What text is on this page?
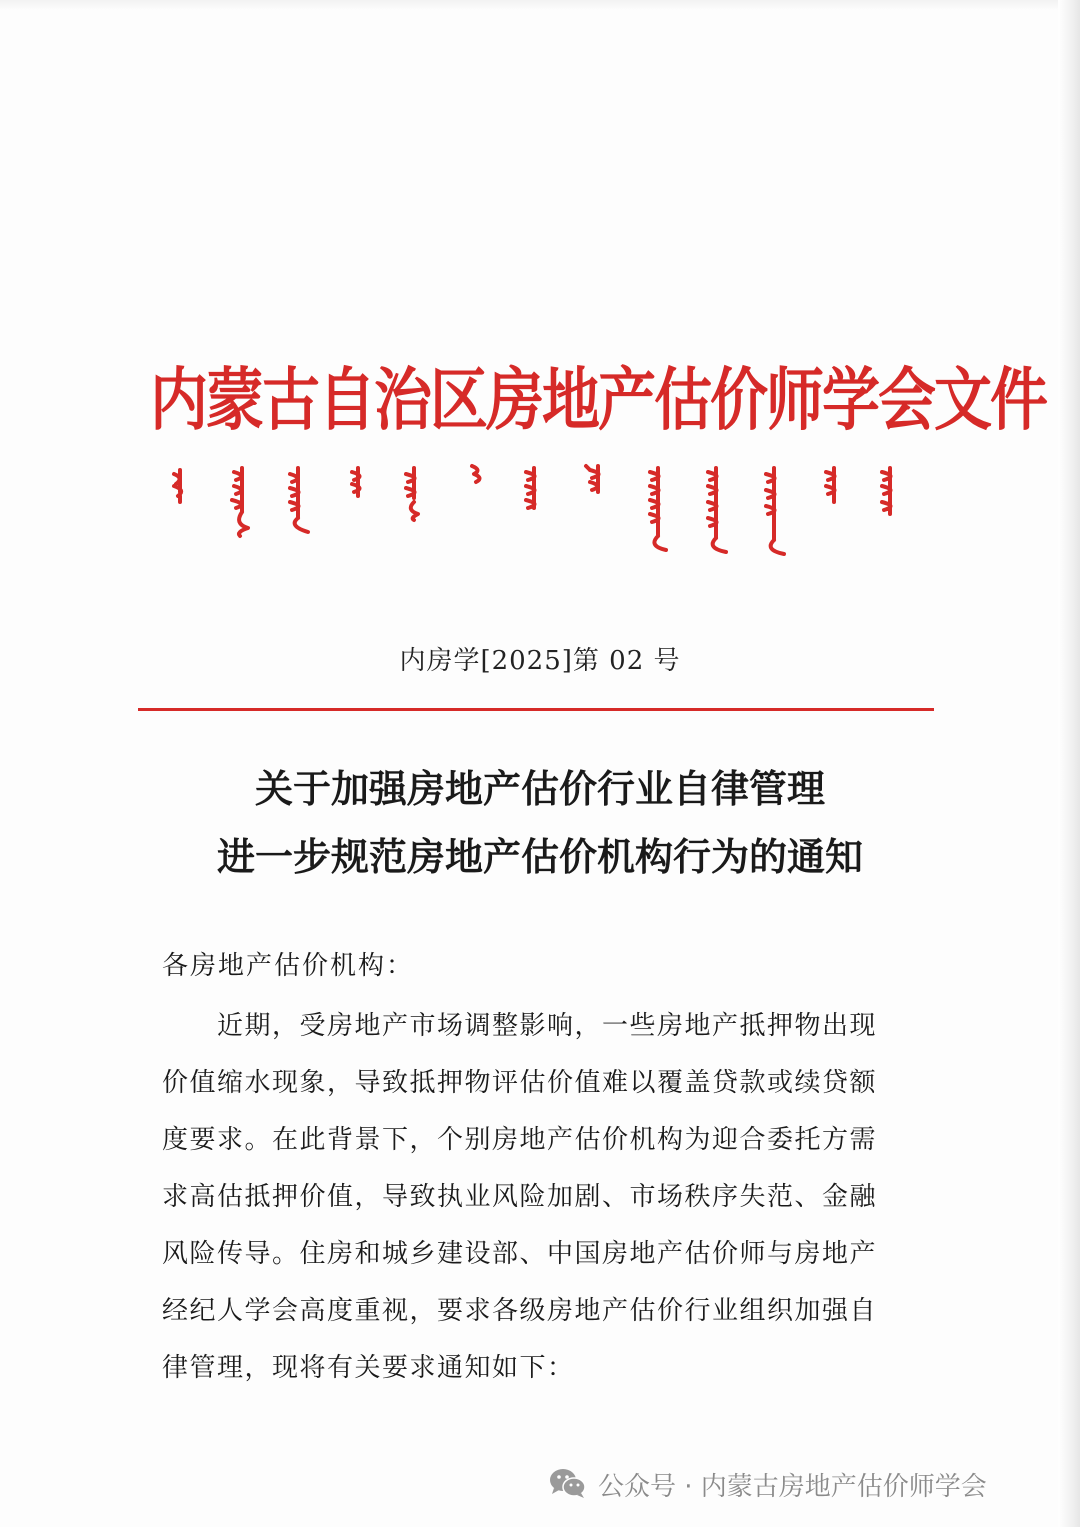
内蒙古自治区房地产估价师学会文件
内房学[2025]第 02 号
关于加强房地产估价行业自律管理
进一步规范房地产估价机构行为的通知
各房地产估价机构：
　　近期，受房地产市场调整影响，一些房地产抵押物出现
价值缩水现象，导致抵押物评估价值难以覆盖贷款或续贷额
度要求。在此背景下，个别房地产估价机构为迎合委托方需
求高估抵押价值，导致执业风险加剧、市场秩序失范、金融
风险传导。住房和城乡建设部、中国房地产估价师与房地产
经纪人学会高度重视，要求各级房地产估价行业组织加强自
律管理，现将有关要求通知如下：
公众号 · 内蒙古房地产估价师学会
